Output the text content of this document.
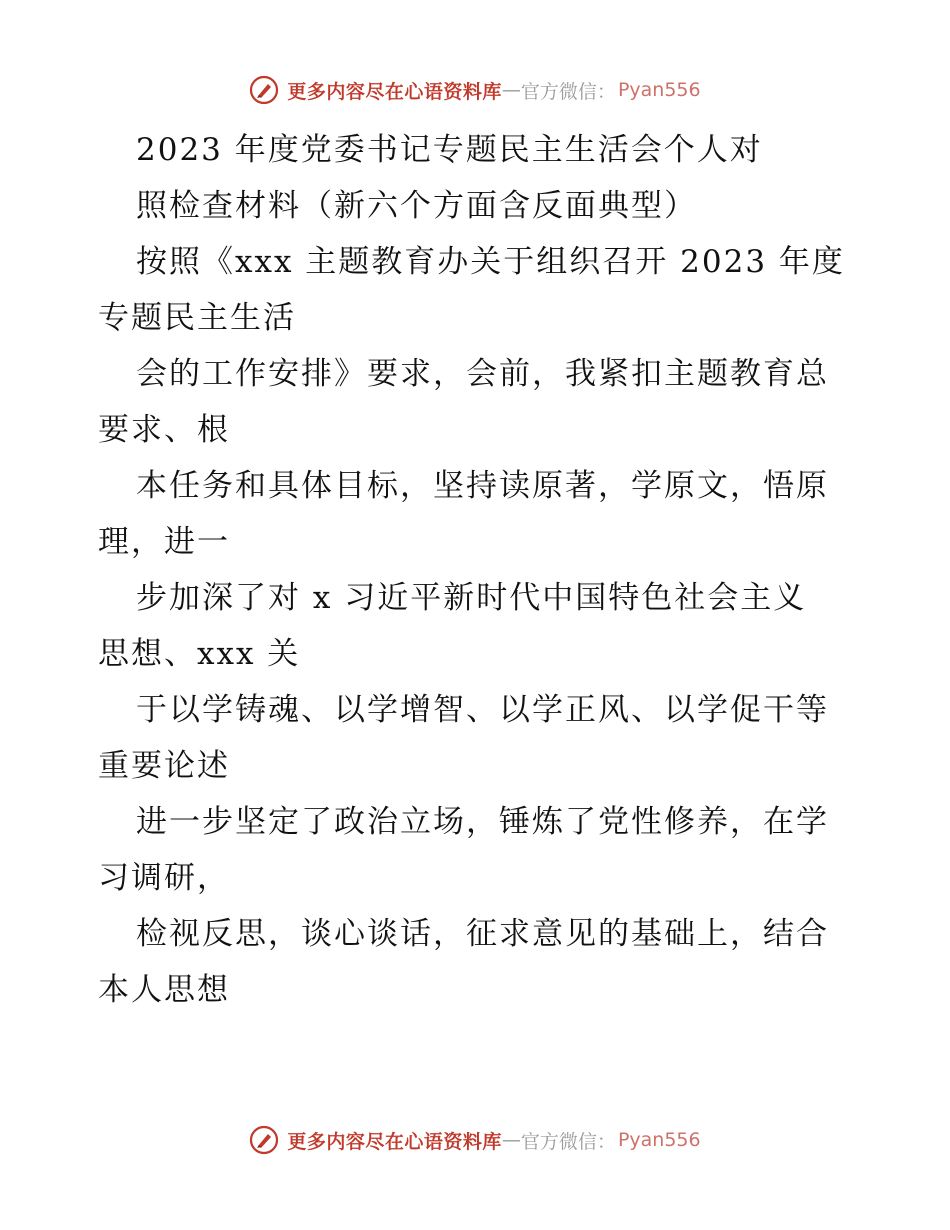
更多内容尽在心语资料库 — 官方微信： Pyan556
2023 年度党委书记专题民主生活会个人对
照检查材料（新六个方面含反面典型）
按照《xxx 主题教育办关于组织召开 2023 年度
专题民主生活
会的工作安排》要求，会前，我紧扣主题教育总
要求、根
本任务和具体目标，坚持读原著，学原文，悟原
理，进一
步加深了对 x 习近平新时代中国特色社会主义
思想、xxx 关
于以学铸魂、以学增智、以学正风、以学促干等
重要论述
进一步坚定了政治立场，锤炼了党性修养，在学
习调研，
检视反思，谈心谈话，征求意见的基础上，结合
本人思想
更多内容尽在心语资料库 — 官方微信： Pyan556
